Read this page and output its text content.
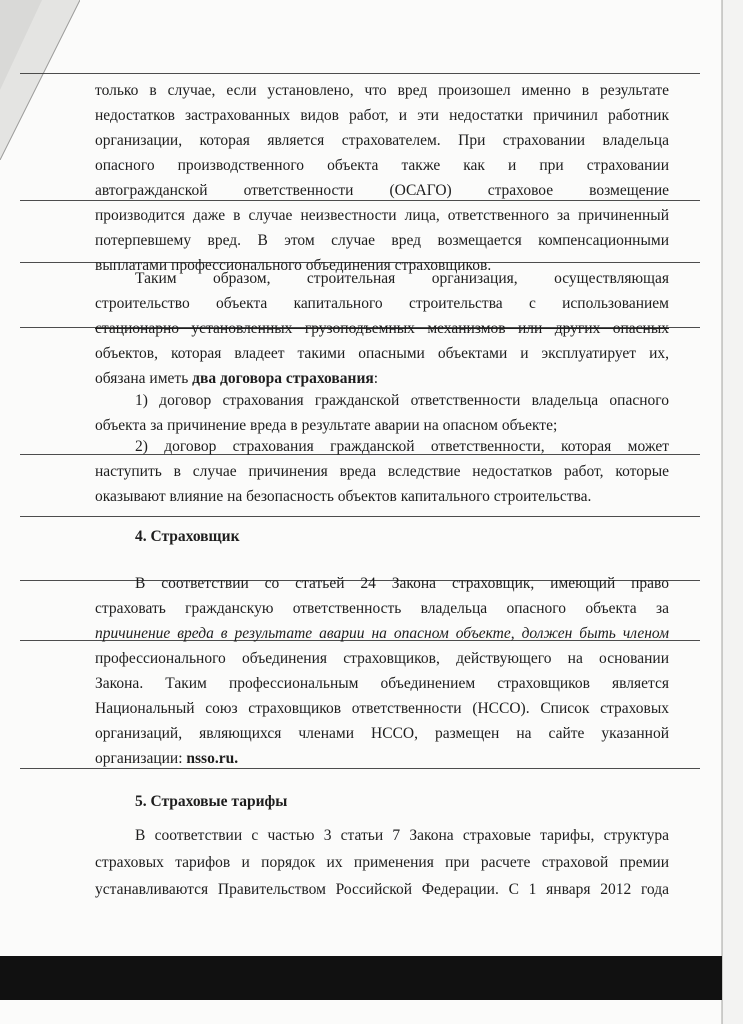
только в случае, если установлено, что вред произошел именно в результате
недостатков застрахованных видов работ, и эти недостатки причинил работник
организации, которая является страхователем. При страховании владельца
опасного производственного объекта также как и при страховании
автогражданской ответственности (ОСАГО) страховое возмещение
производится даже в случае неизвестности лица, ответственного за причиненный
потерпевшему вред. В этом случае вред возмещается компенсационными
выплатами профессионального объединения страховщиков.
Таким образом, строительная организация, осуществляющая
строительство объекта капитального строительства с использованием
стационарно установленных грузоподъемных механизмов или других опасных
объектов, которая владеет такими опасными объектами и эксплуатирует их,
обязана иметь два договора страхования:
1) договор страхования гражданской ответственности владельца опасного
объекта за причинение вреда в результате аварии на опасном объекте;
2) договор страхования гражданской ответственности, которая может
наступить в случае причинения вреда вследствие недостатков работ, которые
оказывают влияние на безопасность объектов капитального строительства.
4. Страховщик
В соответствии со статьей 24 Закона страховщик, имеющий право
страховать гражданскую ответственность владельца опасного объекта за
причинение вреда в результате аварии на опасном объекте, должен быть членом
профессионального объединения страховщиков, действующего на основании
Закона. Таким профессиональным объединением страховщиков является
Национальный союз страховщиков ответственности (НССО). Список страховых
организаций, являющихся членами НССО, размещен на сайте указанной
организации: nsso.ru.
5. Страховые тарифы
В соответствии с частью 3 статьи 7 Закона страховые тарифы, структура
страховых тарифов и порядок их применения при расчете страховой премии
устанавливаются Правительством Российской Федерации. С 1 января 2012 года
